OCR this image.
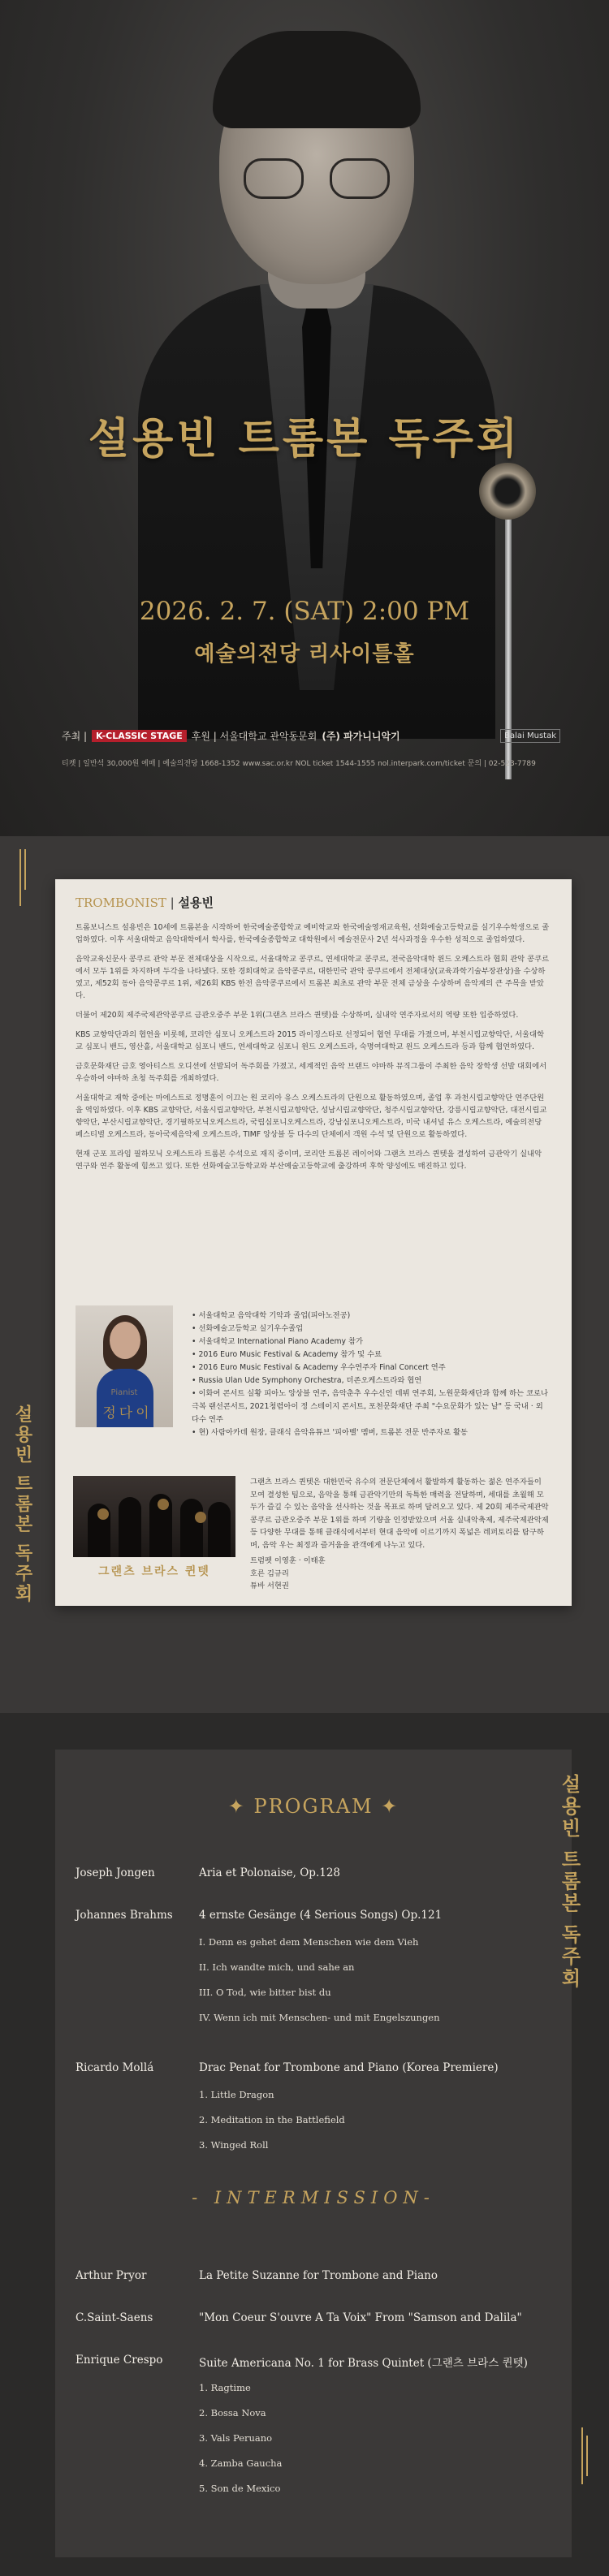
설용빈 트롬본 독주회
2026. 2. 7. (SAT) 2:00 PM
예술의전당 리사이틀홀
주최 |	K-CLASSIC STAGE 후원 | 서울대학교 관악동문회 (주) 파가니니악기	Balai Mustak
티켓 | 일반석 30,000원 예매 | 예술의전당 1668-1352 www.sac.or.kr NOL ticket 1544-1555 nol.interpark.com/ticket 문의 | 02-523-7789
설용빈 트롬본 독주회
TROMBONIST | 설용빈

트롬보니스트 설용빈은 10세에 트롬본을 시작하여 한국예술종합학교 예비학교와 한국예술영재교육원, 선화예술고등학교를 실기우수학생으로 졸업하였다. 이후 서울대학교 음악대학에서 학사를, 한국예술종합학교 대학원에서 예술전문사 2년 석사과정을 우수한 성적으로 졸업하였다.

음악교육신문사 콩쿠르 관악 부문 전체대상을 시작으로, 서울대학교 콩쿠르, 연세대학교 콩쿠르, 전국음악대학 윈드 오케스트라 협회 관악 콩쿠르에서 모두 1위를 차지하며 두각을 나타냈다. 또한 경희대학교 음악콩쿠르, 대한민국 관악 콩쿠르에서 전체대상(교육과학기술부장관상)을 수상하였고, 제52회 동아 음악콩쿠르 1위, 제26회 KBS 한전 음악콩쿠르에서 트롬본 최초로 관악 부문 전체 금상을 수상하며 음악계의 큰 주목을 받았다.

더불어 제20회 제주국제관악콩쿠르 금관오중주 부문 1위(그랜츠 브라스 퀸텟)를 수상하며, 실내악 연주자로서의 역량 또한 입증하였다.

KBS 교향악단과의 협연을 비롯해, 코리안 심포니 오케스트라 2015 라이징스타로 선정되어 협연 무대를 가졌으며, 부천시립교향악단, 서울대학교 심포니 밴드, 영산홀, 서울대학교 심포니 밴드, 연세대학교 심포니 윈드 오케스트라, 숙명여대학교 윈드 오케스트라 등과 함께 협연하였다.

금호문화재단 금호 영아티스트 오디션에 선발되어 독주회를 가졌고, 세계적인 음악 브랜드 야마하 뮤직그룹이 주최한 음악 장학생 선발 대회에서 우승하여 야마하 초청 독주회를 개최하였다.

서울대학교 재학 중에는 마에스트로 정명훈이 이끄는 원 코리아 유스 오케스트라의 단원으로 활동하였으며, 졸업 후 과천시립교향악단 연주단원을 역임하였다. 이후 KBS 교향악단, 서울시립교향악단, 부천시립교향악단, 성남시립교향악단, 청주시립교향악단, 강릉시립교향악단, 대전시립교향악단, 부산시립교향악단, 경기필하모닉오케스트라, 국립심포니오케스트라, 강남심포니오케스트라, 미국 내셔널 유스 오케스트라, 예술의전당 페스티벌 오케스트라, 동아국제음악제 오케스트라, TIMF 앙상블 등 다수의 단체에서 객원 수석 및 단원으로 활동하였다.

현재 군포 프라임 필하모닉 오케스트라 트롬본 수석으로 재직 중이며, 코리안 트롬본 레이어와 그랜츠 브라스 퀸텟을 결성하여 금관악기 실내악 연구와 연주 활동에 힘쓰고 있다. 또한 선화예술고등학교와 부산예술고등학교에 출강하며 후학 양성에도 매진하고 있다.

Pianist
정다이
• 서울대학교 음악대학 기악과 졸업(피아노전공)
• 선화예술고등학교 실기우수졸업
• 서울대학교 International Piano Academy 참가
• 2016 Euro Music Festival & Academy 참가 및 수료
• 2016 Euro Music Festival & Academy 우수연주자 Final Concert 연주
• Russia Ulan Ude Symphony Orchestra, 더존오케스트라와 협연
• 이화여 콘서트 실황 피아노 앙상블 연주, 음악춘추 우수신인 데뷔 연주회, 노원문화재단과 함께 하는 코로나극복 랜선콘서트, 2021청렴아이 정 스테이지 콘서트, 포천문화재단 주최 "수요문화가 있는 날" 등 국내 · 외 다수 연주
• 현) 사람아카데 원장, 클래식 음악유튜브 '피아벨' 멤버, 트롬본 전문 반주자로 활동
그랜츠 브라스 퀸텟

그랜츠 브라스 퀸텟은 대한민국 유수의 전문단체에서 활발하게 활동하는 젊은 연주자들이 모여 결성한 팀으로, 음악을 통해 금관악기만의 독특한 매력을 전달하며, 세대를 초월해 모두가 즐길 수 있는 음악을 선사하는 것을 목표로 하며 달려오고 있다. 제 20회 제주국제관악콩쿠르 금관오중주 부문 1위를 하며 기량을 인정받았으며 서울 실내악축제, 제주국제관악제 등 다양한 무대를 통해 클래식에서부터 현대 음악에 이르기까지 폭넓은 레퍼토리를 탐구하며, 음악 우는 최정과 즐거움을 관객에게 나누고 있다.

트럼펫 이영훈 · 이태훈

호른 김규리

튜바 서현권

설용빈 트롬본 독주회
✦ PROGRAM ✦
Joseph Jongen	Aria et Polonaise, Op.128
Johannes Brahms 4 ernste Gesänge (4 Serious Songs) Op.121
I. Denn es gehet dem Menschen wie dem Vieh
II. Ich wandte mich, und sahe an
III. O Tod, wie bitter bist du
IV. Wenn ich mit Menschen- und mit Engelszungen
Ricardo Mollá	Drac Penat for Trombone and Piano (Korea Premiere)
1. Little Dragon
2. Meditation in the Battlefield
3. Winged Roll
- INTERMISSION-
Arthur Pryor	La Petite Suzanne for Trombone and Piano
C.Saint-Saens	"Mon Coeur S'ouvre A Ta Voix" From "Samson and Dalila"
Enrique Crespo	Suite Americana No. 1 for Brass Quintet (그랜츠 브라스 퀸텟)
1. Ragtime
2. Bossa Nova
3. Vals Peruano
4. Zamba Gaucha
5. Son de Mexico
